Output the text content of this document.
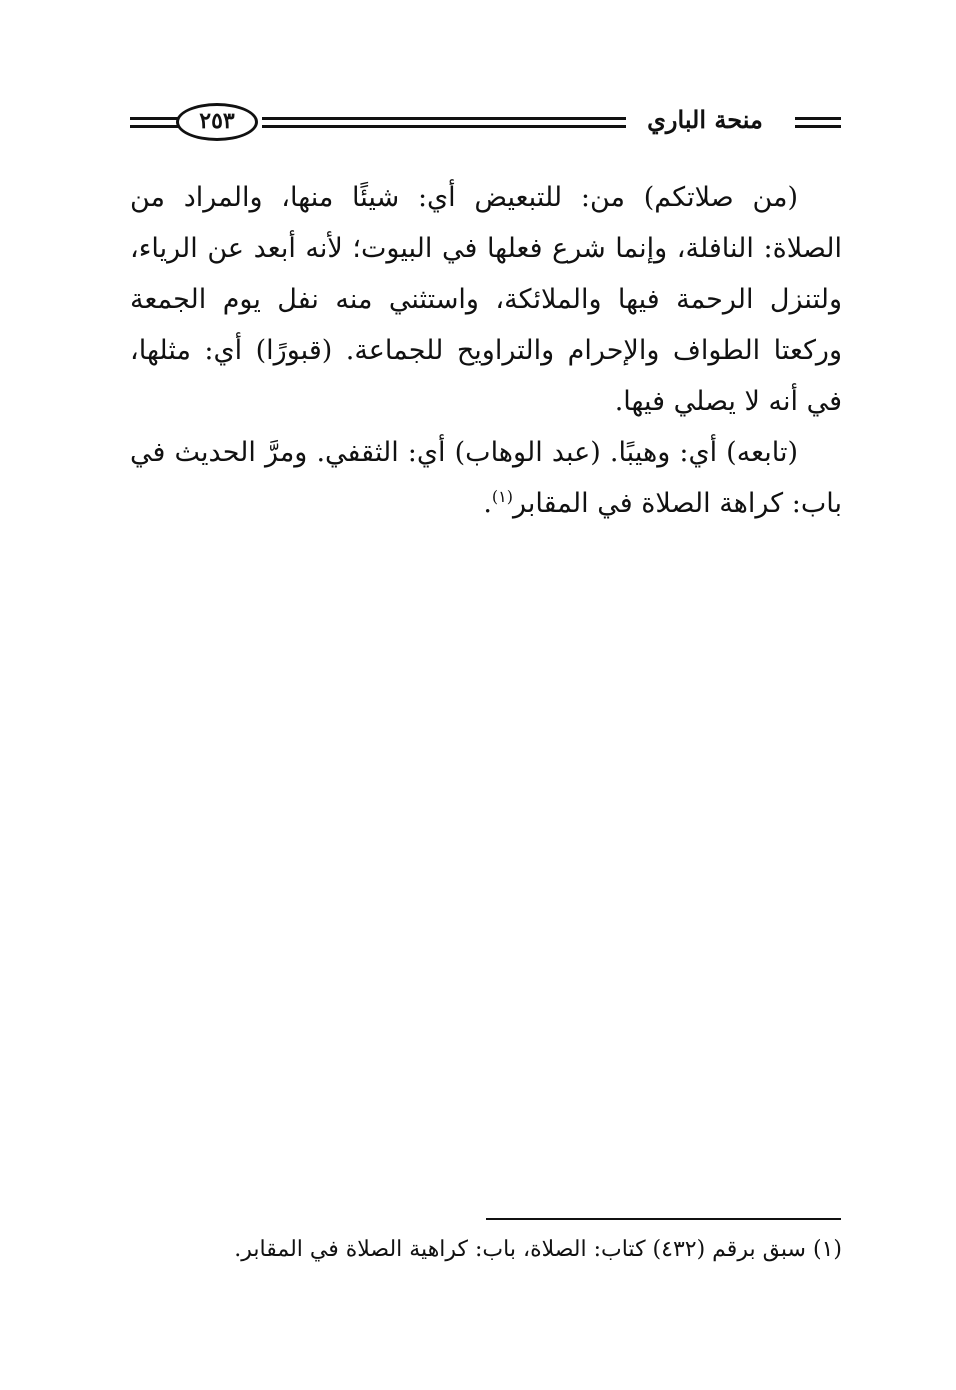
منحة الباري
٢٥٣

(من صلاتكم) من: للتبعيض أي: شيئًا منها، والمراد من الصلاة: النافلة، وإنما شرع فعلها في البيوت؛ لأنه أبعد عن الرياء، ولتنزل الرحمة فيها والملائكة، واستثني منه نفل يوم الجمعة وركعتا الطواف والإحرام والتراويح للجماعة. (قبورًا) أي: مثلها، في أنه لا يصلي فيها.

(تابعه) أي: وهيبًا. (عبد الوهاب) أي: الثقفي. ومرَّ الحديث في باب: كراهة الصلاة في المقابر$^{(١)}$.

(١) سبق برقم (٤٣٢) كتاب: الصلاة، باب: كراهية الصلاة في المقابر.
